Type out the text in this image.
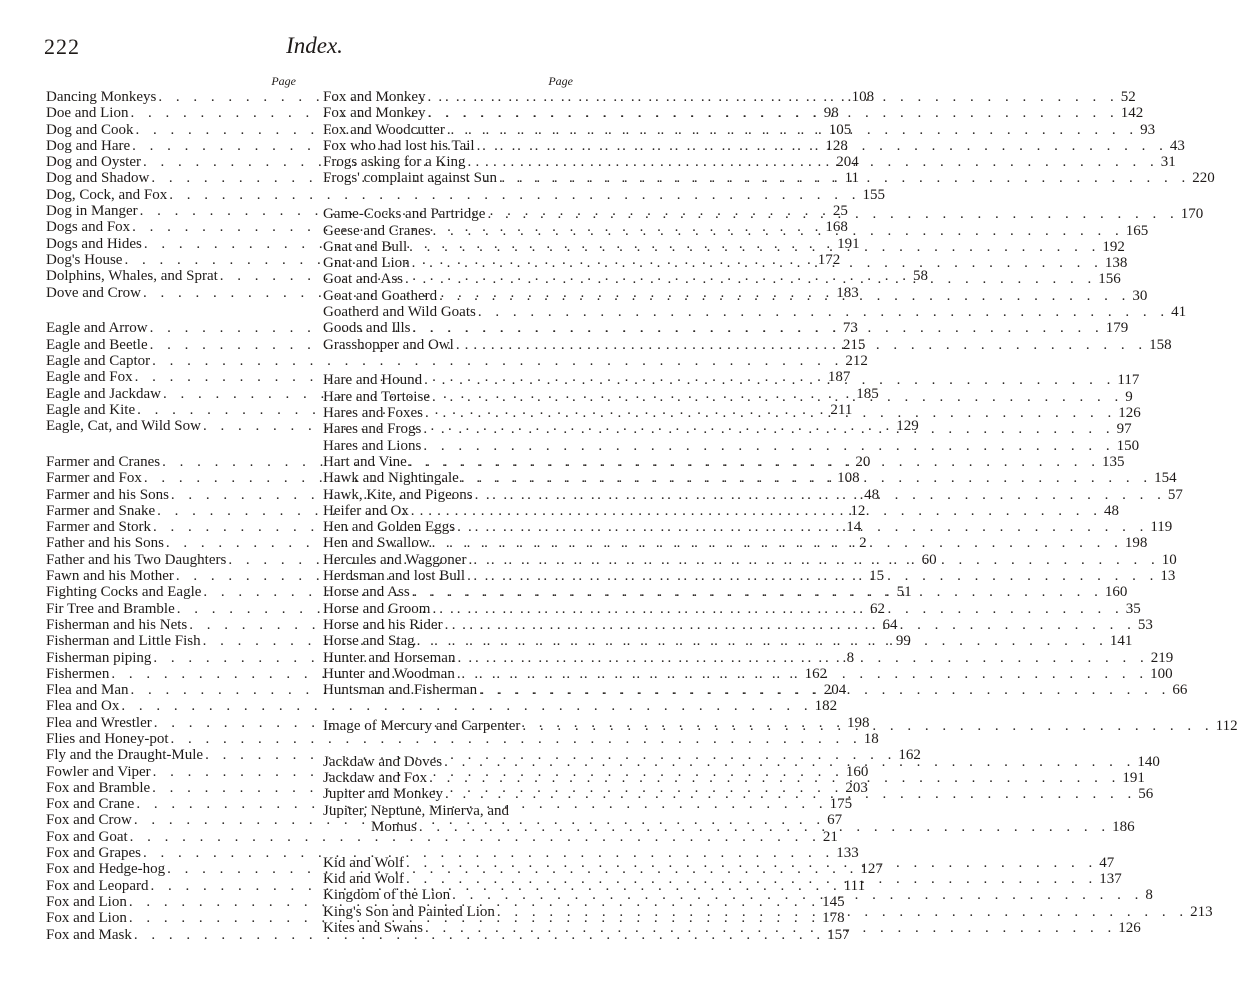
222	Index.
Page
Dancing Monkeys . . .	108
Doe and Lion . . .	98
Dog and Cook . . .	105
Dog and Hare . . .	128
Dog and Oyster . . .	204
Dog and Shadow . . .	11
Dog, Cock, and Fox . . .	155
Dog in Manger . . .	25
Dogs and Fox . . .	168
Dogs and Hides . . .	191
Dog's House . . .	172
Dolphins, Whales, and Sprat . . .	58
Dove and Crow . . .	183
Eagle and Arrow . . .	73
Eagle and Beetle . . .	215
Eagle and Captor . . .	212
Eagle and Fox . . .	187
Eagle and Jackdaw . . .	185
Eagle and Kite . . .	211
Eagle, Cat, and Wild Sow . . .	129
Farmer and Cranes . . .	20
Farmer and Fox . . .	108
Farmer and his Sons . . .	48
Farmer and Snake . . .	12
Farmer and Stork . . .	14
Father and his Sons . . .	2
Father and his Two Daughters . . .	60
Fawn and his Mother . . .	15
Fighting Cocks and Eagle . . .	51
Fir Tree and Bramble . . .	62
Fisherman and his Nets . . .	64
Fisherman and Little Fish . . .	99
Fisherman piping . . .	8
Fishermen . . .	162
Flea and Man . . .	204
Flea and Ox . . .	182
Flea and Wrestler . . .	198
Flies and Honey-pot . . .	18
Fly and the Draught-Mule . . .	162
Fowler and Viper . . .	160
Fox and Bramble . . .	203
Fox and Crane . . .	175
Fox and Crow . . .	67
Fox and Goat . . .	21
Fox and Grapes . . .	133
Fox and Hedge-hog . . .	127
Fox and Leopard . . .	111
Fox and Lion . . .	145
Fox and Lion . . .	178
Fox and Mask . . .	157
Page
Fox and Monkey . . .	52
Fox and Monkey . . .	142
Fox and Woodcutter . . .	93
Fox who had lost his Tail . . .	43
Frogs asking for a King . . .	31
Frogs' complaint against Sun . . .	220
Game-Cocks and Partridge . . .	170
Geese and Cranes . . .	165
Gnat and Bull . . .	192
Gnat and Lion . . .	138
Goat and Ass . . .	156
Goat and Goatherd . . .	30
Goatherd and Wild Goats . . .	41
Goods and Ills . . .	179
Grasshopper and Owl . . .	158
Hare and Hound . . .	117
Hare and Tortoise . . .	9
Hares and Foxes . . .	126
Hares and Frogs . . .	97
Hares and Lions . . .	150
Hart and Vine . . .	135
Hawk and Nightingale . . .	154
Hawk, Kite, and Pigeons . . .	57
Heifer and Ox . . .	48
Hen and Golden Eggs . . .	119
Hen and Swallow . . .	198
Hercules and Waggoner . . .	10
Herdsman and lost Bull . . .	13
Horse and Ass . . .	160
Horse and Groom . . .	35
Horse and his Rider . . .	53
Horse and Stag . . .	141
Hunter and Horseman . . .	219
Hunter and Woodman . . .	100
Huntsman and Fisherman . . .	66
Image of Mercury and Carpenter . . .	112
Jackdaw and Doves . . .	140
Jackdaw and Fox . . .	191
Jupiter and Monkey . . .	56
Jupiter, Neptune, Minerva, and
Momus . . .	186
Kid and Wolf . . .	47
Kid and Wolf . . .	137
Kingdom of the Lion . . .	8
King's Son and Painted Lion . . .	213
Kites and Swans . . .	126
